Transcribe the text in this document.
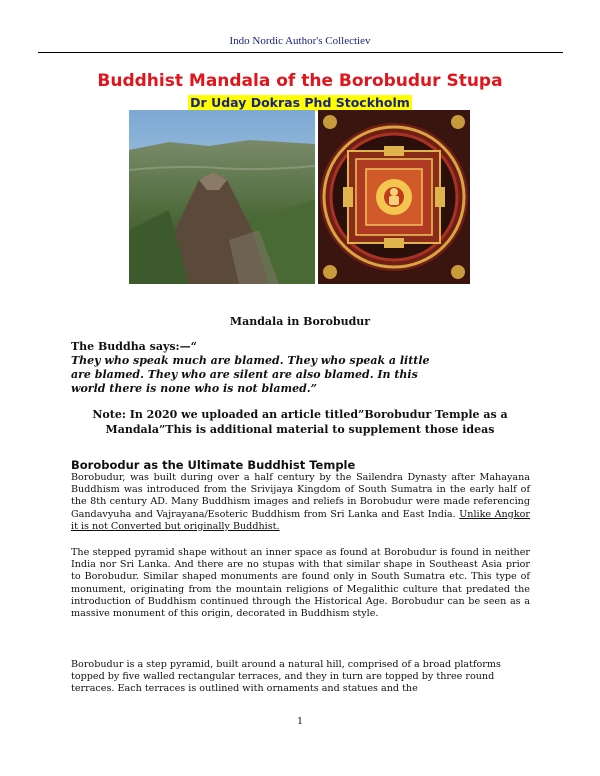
Indo Nordic Author's Collectiev
Buddhist Mandala of the Borobudur Stupa
Dr Uday Dokras Phd Stockholm
Mandala in Borobudur
The Buddha says:—“
They who speak much are blamed. They who speak a little are blamed. They who are silent are also blamed. In this world there is none who is not blamed.”
Note: In 2020 we uploaded an article titled”Borobudur Temple as a Mandala”This is additional material to supplement those ideas
Borobodur as the Ultimate Buddhist Temple

Borobudur, was built during over a half century by the Sailendra Dynasty after Mahayana Buddhism was introduced from the Srivijaya Kingdom of South Sumatra in the early half of the 8th century AD. Many Buddhism images and reliefs in Borobudur were made referencing Gandavyuha and Vajrayana/Esoteric Buddhism from Sri Lanka and East India. Unlike Angkor it is not Converted but originally Buddhist.

The stepped pyramid shape without an inner space as found at Borobudur is found in neither India nor Sri Lanka. And there are no stupas with that similar shape in Southeast Asia prior to Borobudur. Similar shaped monuments are found only in South Sumatra etc. This type of monument, originating from the mountain religions of Megalithic culture that predated the introduction of Buddhism continued through the Historical Age. Borobudur can be seen as a massive monument of this origin, decorated in Buddhism style.

Borobudur is a step pyramid, built around a natural hill, comprised of a broad platforms topped by five walled rectangular terraces, and they in turn are topped by three round terraces. Each terraces is outlined with ornaments and statues and the

1
